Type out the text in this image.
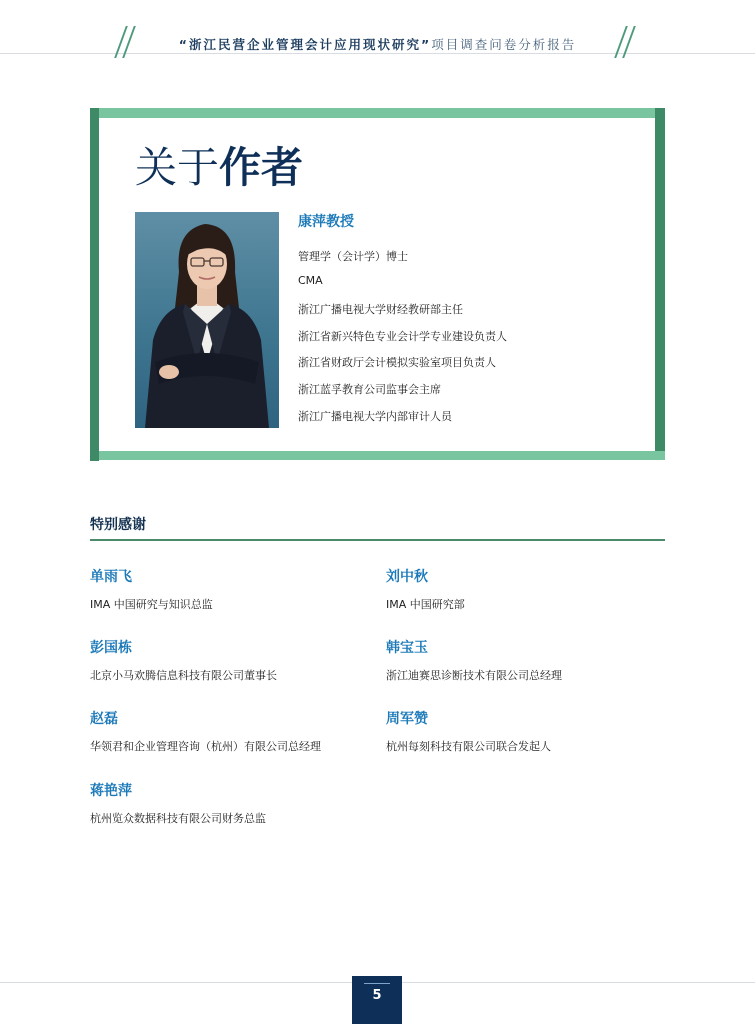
“浙江民营企业管理会计应用现状研究”项目调查问卷分析报告
关于作者
康萍教授
管理学（会计学）博士
CMA
浙江广播电视大学财经教研部主任
浙江省新兴特色专业会计学专业建设负责人
浙江省财政厅会计模拟实验室项目负责人
浙江蓝孚教育公司监事会主席
浙江广播电视大学内部审计人员
特别感谢
单雨飞
IMA 中国研究与知识总监
刘中秋
IMA 中国研究部
彭国栋
北京小马欢腾信息科技有限公司董事长
韩宝玉
浙江迪赛思诊断技术有限公司总经理
赵磊
华领君和企业管理咨询（杭州）有限公司总经理
周军赞
杭州每刻科技有限公司联合发起人
蒋艳萍
杭州览众数据科技有限公司财务总监
5
